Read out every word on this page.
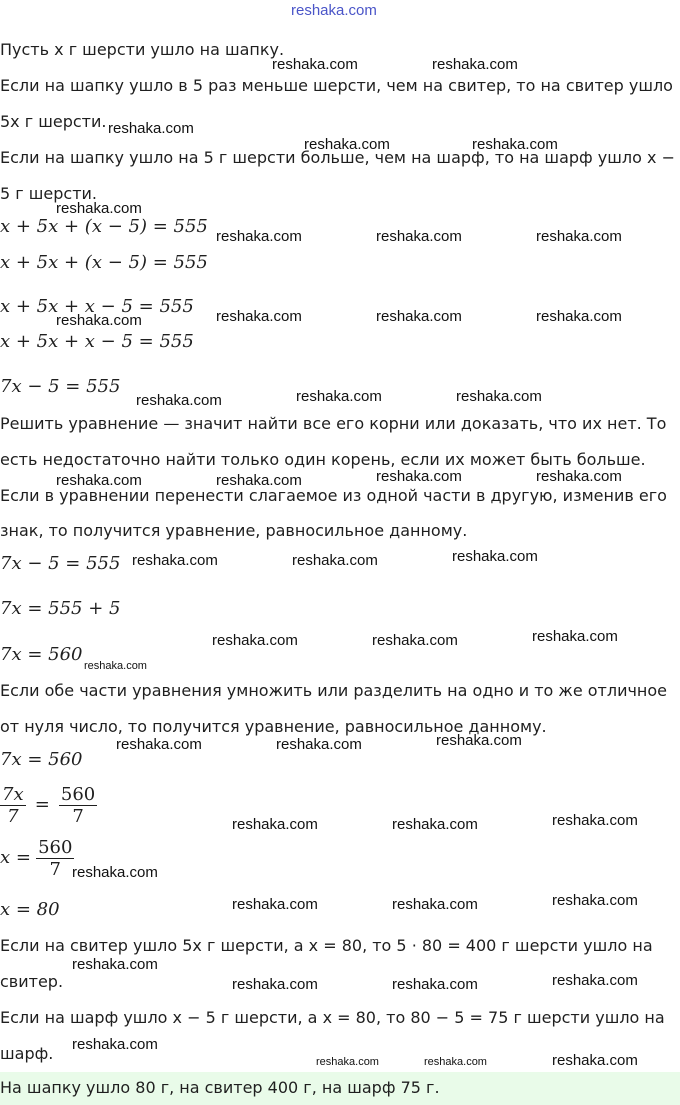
reshaka.com
Пусть x г шерсти ушло на шапку.
Если на шапку ушло в 5 раз меньше шерсти, чем на свитер, то на свитер ушло
5x г шерсти.
Если на шапку ушло на 5 г шерсти больше, чем на шарф, то на шарф ушло x −
5 г шерсти.
x + 5x + (x − 5) = 555
x + 5x + (x − 5) = 555
x + 5x + x − 5 = 555
x + 5x + x − 5 = 555
7x − 5 = 555
Решить уравнение — значит найти все его корни или доказать, что их нет. То
есть недостаточно найти только один корень, если их может быть больше.
Если в уравнении перенести слагаемое из одной части в другую, изменив его
знак, то получится уравнение, равносильное данному.
7x − 5 = 555
7x = 555 + 5
7x = 560
Если обе части уравнения умножить или разделить на одно и то же отличное
от нуля число, то получится уравнение, равносильное данному.
7x = 560
$\frac{7x}{7} = \frac{560}{7}$
$x = \frac{560}{7}$
x = 80
Если на свитер ушло 5x г шерсти, а x = 80, то 5 · 80 = 400 г шерсти ушло на
свитер.
Если на шарф ушло x − 5 г шерсти, а x = 80, то 80 − 5 = 75 г шерсти ушло на
шарф.
На шапку ушло 80 г, на свитер 400 г, на шарф 75 г.
reshaka.com	reshaka.com
reshaka.com
reshaka.com	reshaka.com
reshaka.com
reshaka.com	reshaka.com	reshaka.com
reshaka.com	reshaka.com	reshaka.com	reshaka.com
reshaka.com	reshaka.com
reshaka.com
reshaka.com	reshaka.com	reshaka.com	reshaka.com
reshaka.com	reshaka.com	reshaka.com
reshaka.com	reshaka.com	reshaka.com
reshaka.com
reshaka.com	reshaka.com	reshaka.com
reshaka.com	reshaka.com	reshaka.com
reshaka.com
reshaka.com	reshaka.com	reshaka.com
reshaka.com
reshaka.com	reshaka.com	reshaka.com
reshaka.com
reshaka.com	reshaka.com	reshaka.com
